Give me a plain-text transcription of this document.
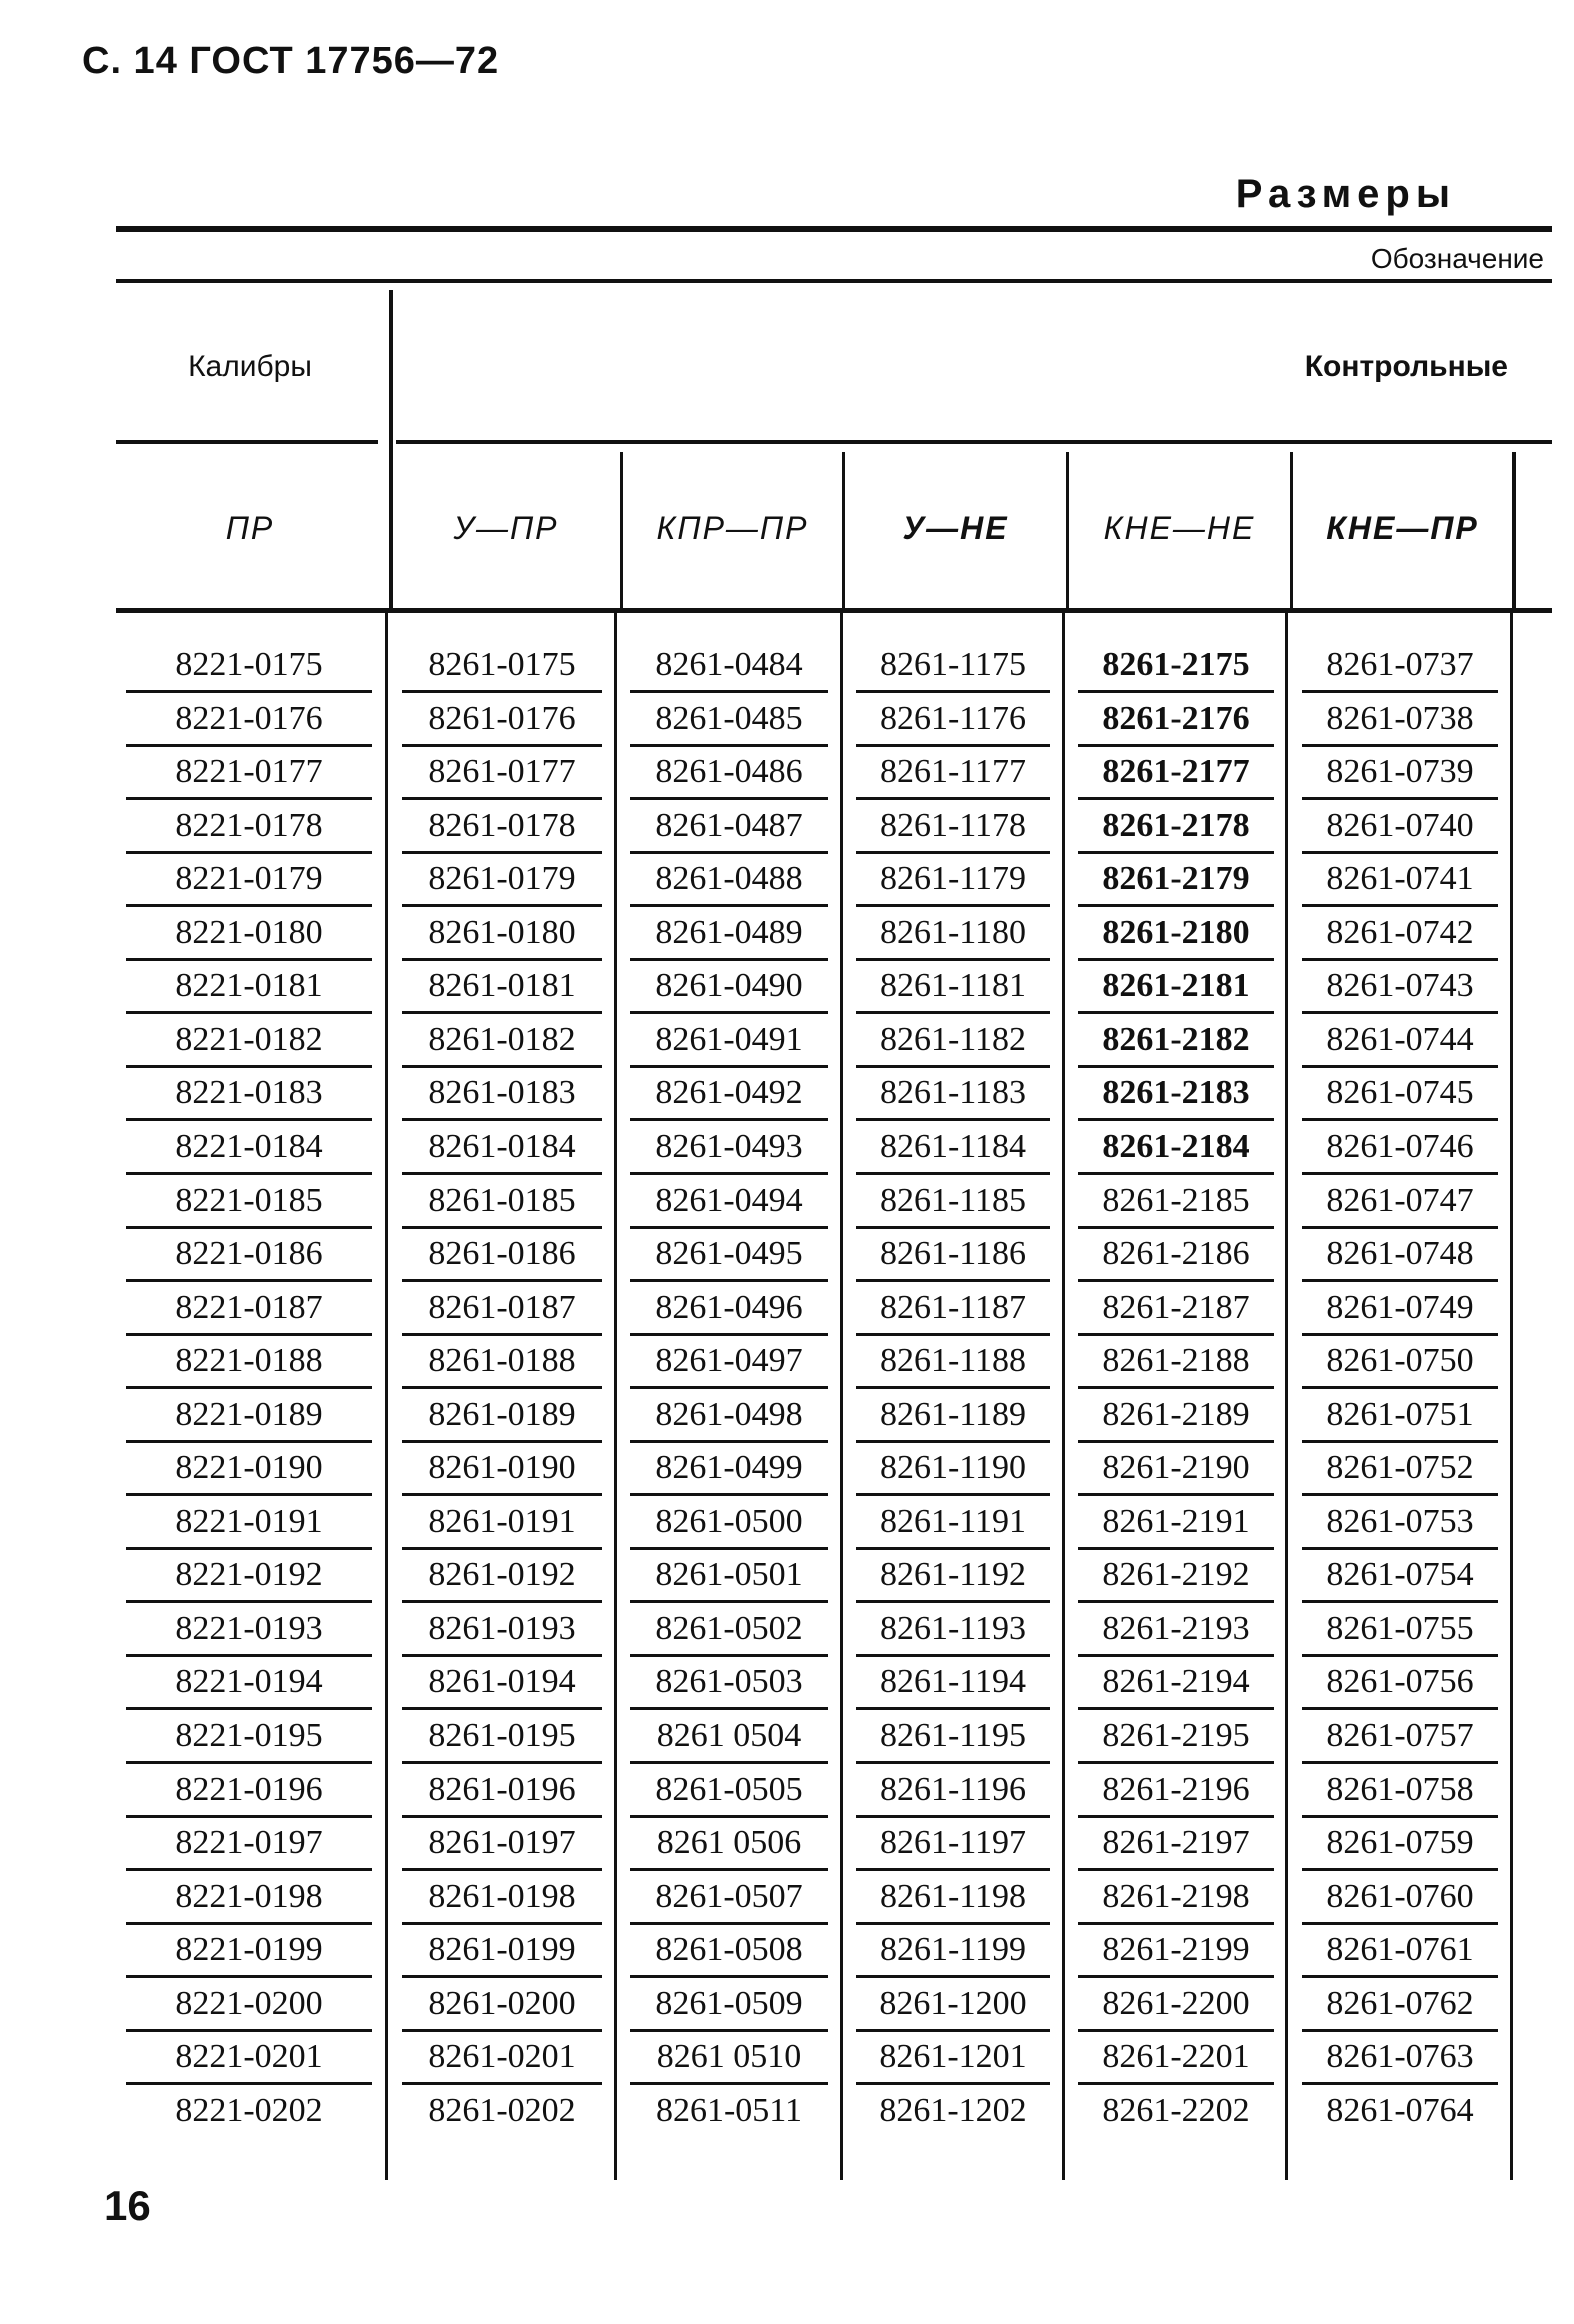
С. 14 ГОСТ 17756—72
Размеры
Обозначение
Калибры	Контрольные
ПР	У—ПР	КПР—ПР	У—НЕ	КНЕ—НЕ	КНЕ—ПР
8221-0175	8261-0175	8261-0484	8261-1175	8261-2175	8261-0737
8221-0176	8261-0176	8261-0485	8261-1176	8261-2176	8261-0738
8221-0177	8261-0177	8261-0486	8261-1177	8261-2177	8261-0739
8221-0178	8261-0178	8261-0487	8261-1178	8261-2178	8261-0740
8221-0179	8261-0179	8261-0488	8261-1179	8261-2179	8261-0741
8221-0180	8261-0180	8261-0489	8261-1180	8261-2180	8261-0742
8221-0181	8261-0181	8261-0490	8261-1181	8261-2181	8261-0743
8221-0182	8261-0182	8261-0491	8261-1182	8261-2182	8261-0744
8221-0183	8261-0183	8261-0492	8261-1183	8261-2183	8261-0745
8221-0184	8261-0184	8261-0493	8261-1184	8261-2184	8261-0746
8221-0185	8261-0185	8261-0494	8261-1185	8261-2185	8261-0747
8221-0186	8261-0186	8261-0495	8261-1186	8261-2186	8261-0748
8221-0187	8261-0187	8261-0496	8261-1187	8261-2187	8261-0749
8221-0188	8261-0188	8261-0497	8261-1188	8261-2188	8261-0750
8221-0189	8261-0189	8261-0498	8261-1189	8261-2189	8261-0751
8221-0190	8261-0190	8261-0499	8261-1190	8261-2190	8261-0752
8221-0191	8261-0191	8261-0500	8261-1191	8261-2191	8261-0753
8221-0192	8261-0192	8261-0501	8261-1192	8261-2192	8261-0754
8221-0193	8261-0193	8261-0502	8261-1193	8261-2193	8261-0755
8221-0194	8261-0194	8261-0503	8261-1194	8261-2194	8261-0756
8221-0195	8261-0195	8261 0504	8261-1195	8261-2195	8261-0757
8221-0196	8261-0196	8261-0505	8261-1196	8261-2196	8261-0758
8221-0197	8261-0197	8261 0506	8261-1197	8261-2197	8261-0759
8221-0198	8261-0198	8261-0507	8261-1198	8261-2198	8261-0760
8221-0199	8261-0199	8261-0508	8261-1199	8261-2199	8261-0761
8221-0200	8261-0200	8261-0509	8261-1200	8261-2200	8261-0762
8221-0201	8261-0201	8261 0510	8261-1201	8261-2201	8261-0763
8221-0202	8261-0202	8261-0511	8261-1202	8261-2202	8261-0764
16
